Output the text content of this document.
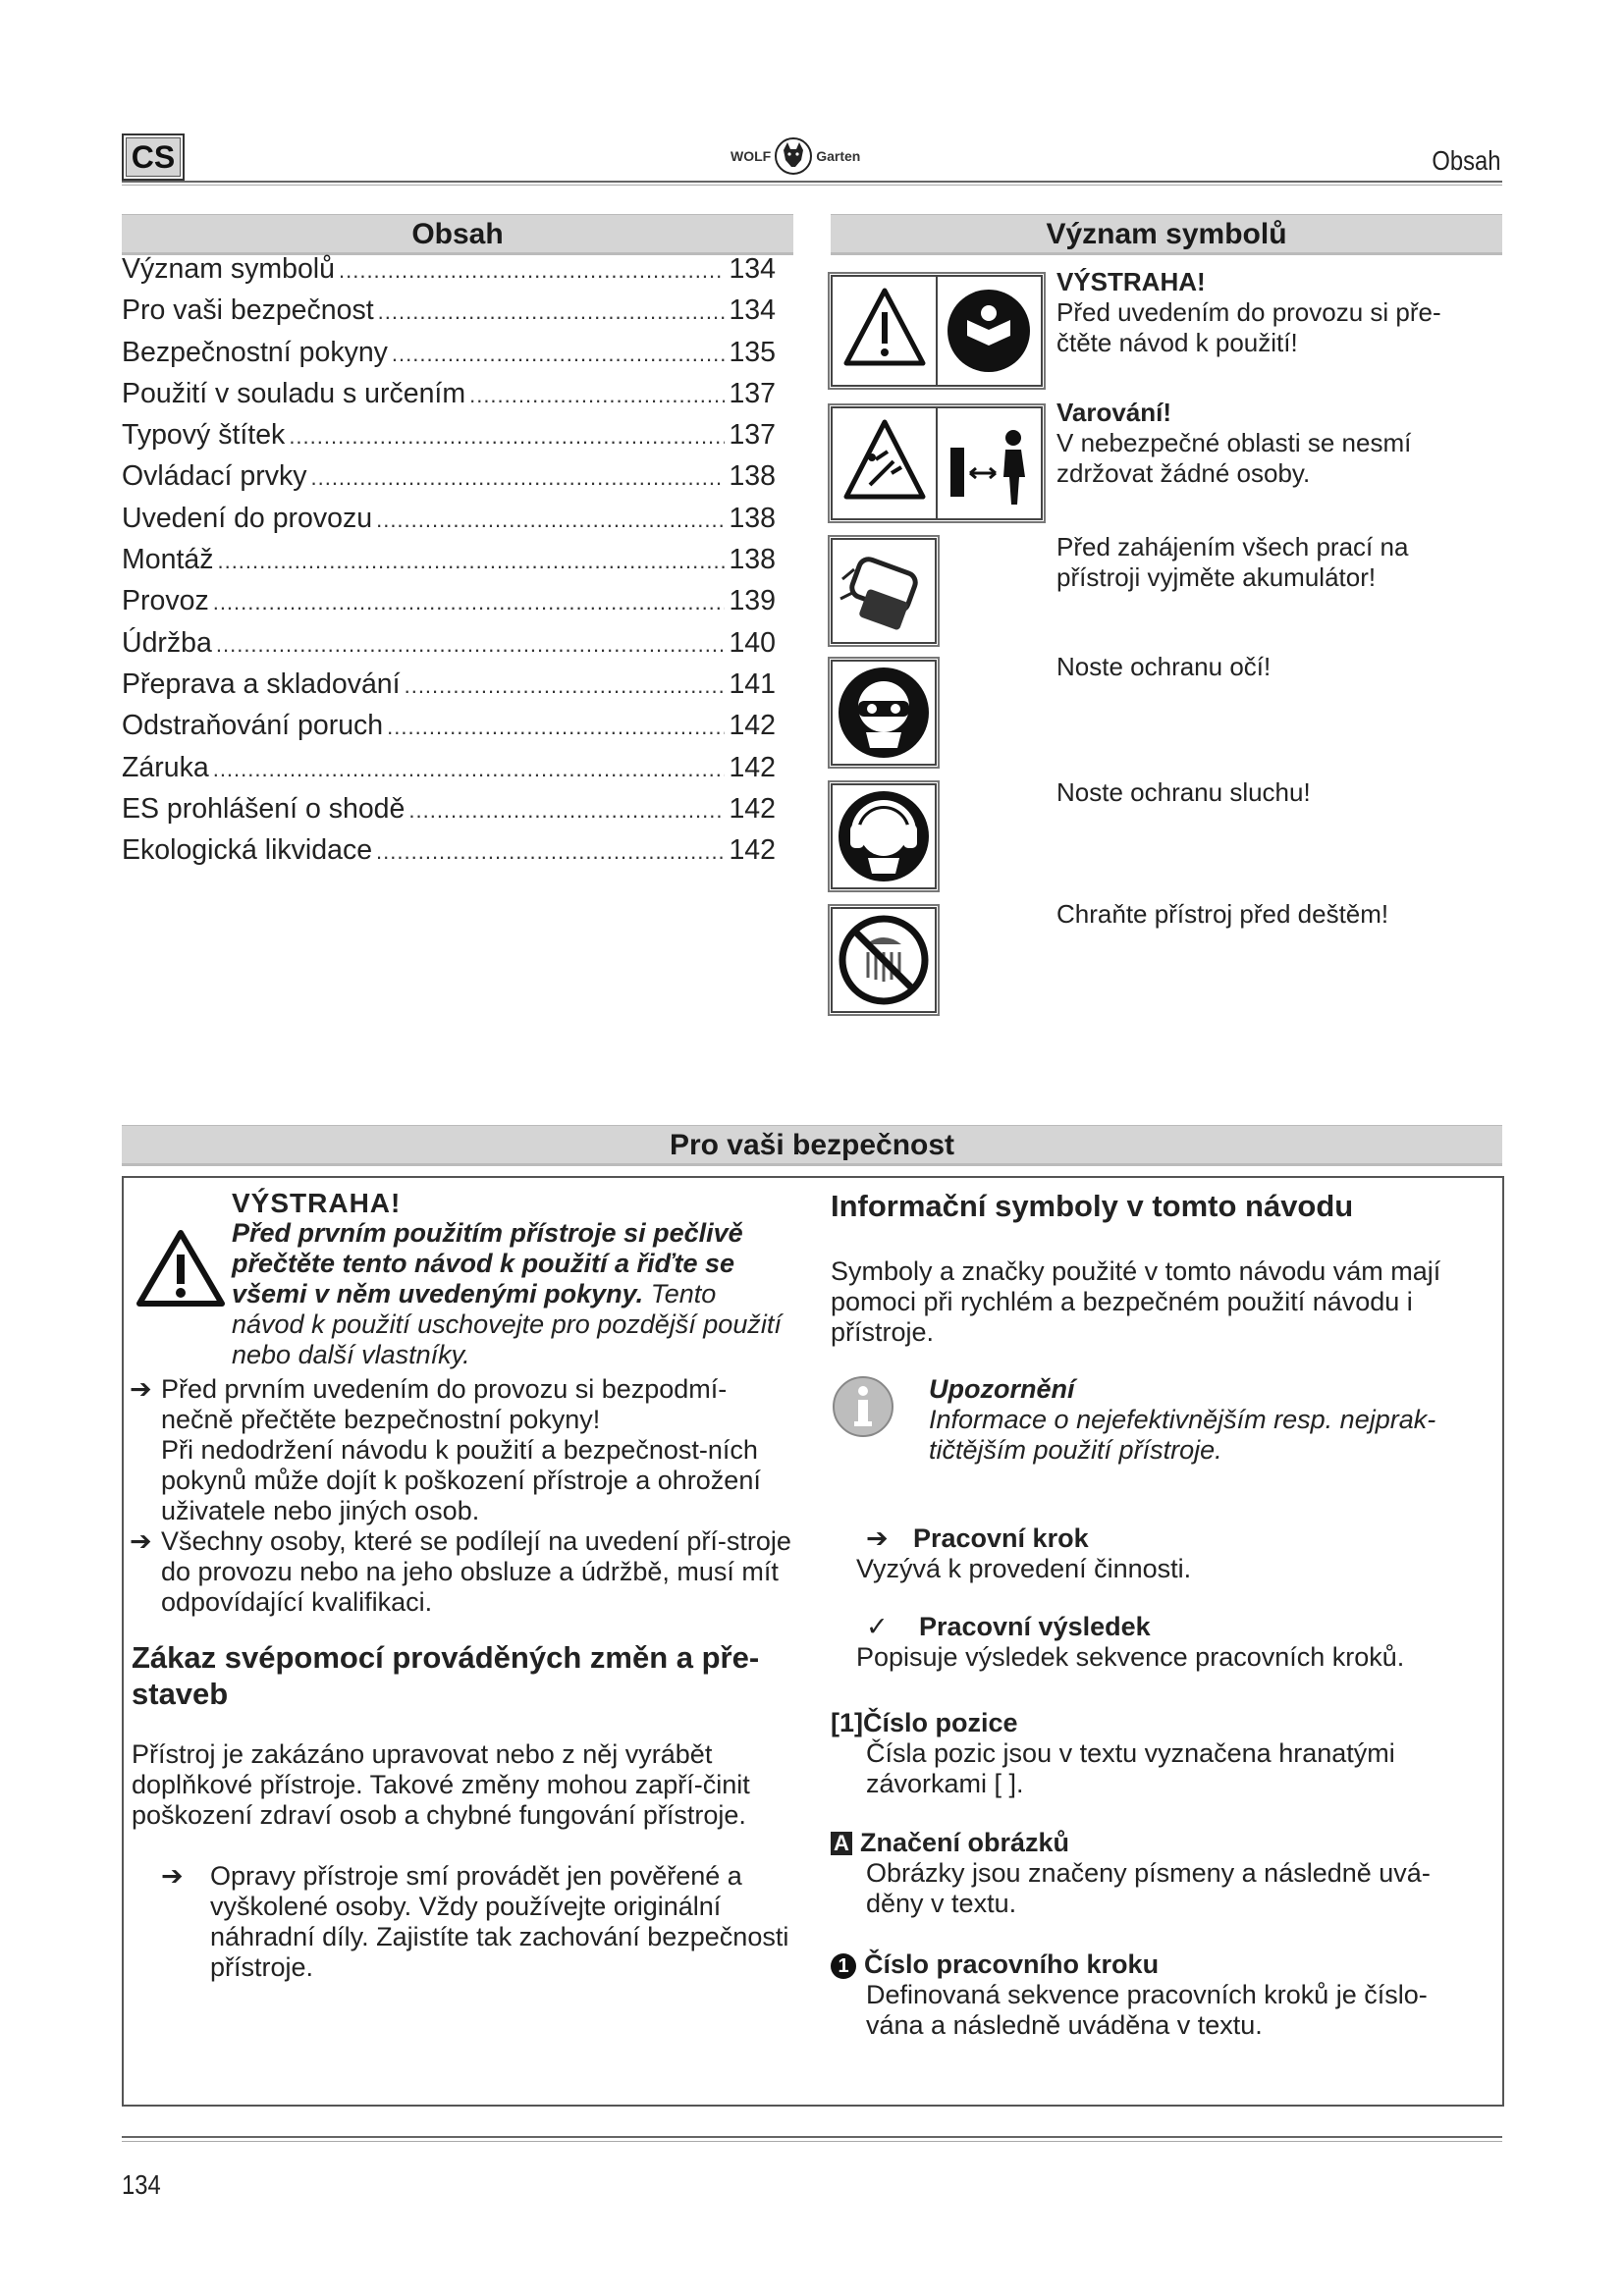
CS	WOLF	Garten	Obsah
Obsah
Význam symbolů .....	134
Pro vaši bezpečnost .....	134
Bezpečnostní pokyny .....	135
Použití v souladu s určením .....	137
Typový štítek .....	137
Ovládací prvky .....	138
Uvedení do provozu .....	138
Montáž .....	138
Provoz .....	139
Údržba .....	140
Přeprava a skladování .....	141
Odstraňování poruch .....	142
Záruka .....	142
ES prohlášení o shodě .....	142
Ekologická likvidace .....	142
Význam symbolů
VÝSTRAHA!
Před uvedením do provozu si pře-čtěte návod k použití!
Varování!
V nebezpečné oblasti se nesmí zdržovat žádné osoby.
Před zahájením všech prací na přístroji vyjměte akumulátor!
Noste ochranu očí!
Noste ochranu sluchu!
Chraňte přístroj před deštěm!
Pro vaši bezpečnost
VÝSTRAHA!
Před prvním použitím přístroje si pečlivě přečtěte tento návod k použití a řiďte se všemi v něm uvedenými pokyny. Tento návod k použití uschovejte pro pozdější použití nebo další vlastníky.
➔ Před prvním uvedením do provozu si bezpodmí-nečně přečtěte bezpečnostní pokyny!
Při nedodržení návodu k použití a bezpečnost-ních pokynů může dojít k poškození přístroje a ohrožení uživatele nebo jiných osob.
➔ Všechny osoby, které se podílejí na uvedení pří-stroje do provozu nebo na jeho obsluze a údržbě, musí mít odpovídající kvalifikaci.
Zákaz svépomocí prováděných změn a pře-staveb
Přístroj je zakázáno upravovat nebo z něj vyrábět doplňkové přístroje. Takové změny mohou zapří-činit poškození zdraví osob a chybné fungování přístroje.
➔	Opravy přístroje smí provádět jen pověřené a vyškolené osoby. Vždy používejte originální náhradní díly. Zajistíte tak zachování bezpečnosti přístroje.
Informační symboly v tomto návodu
Symboly a značky použité v tomto návodu vám mají pomoci při rychlém a bezpečném použití návodu i přístroje.
Upozornění
Informace o nejefektivnějším resp. nejprak-tičtějším použití přístroje.
➔ Pracovní krok
Vyzývá k provedení činnosti.
✓ Pracovní výsledek
Popisuje výsledek sekvence pracovních kroků.
[1]Číslo pozice
Čísla pozic jsou v textu vyznačena hranatými závorkami [ ].
A Značení obrázků
Obrázky jsou značeny písmeny a následně uvá-děny v textu.
1 Číslo pracovního kroku
Definovaná sekvence pracovních kroků je číslo-vána a následně uváděna v textu.
134
